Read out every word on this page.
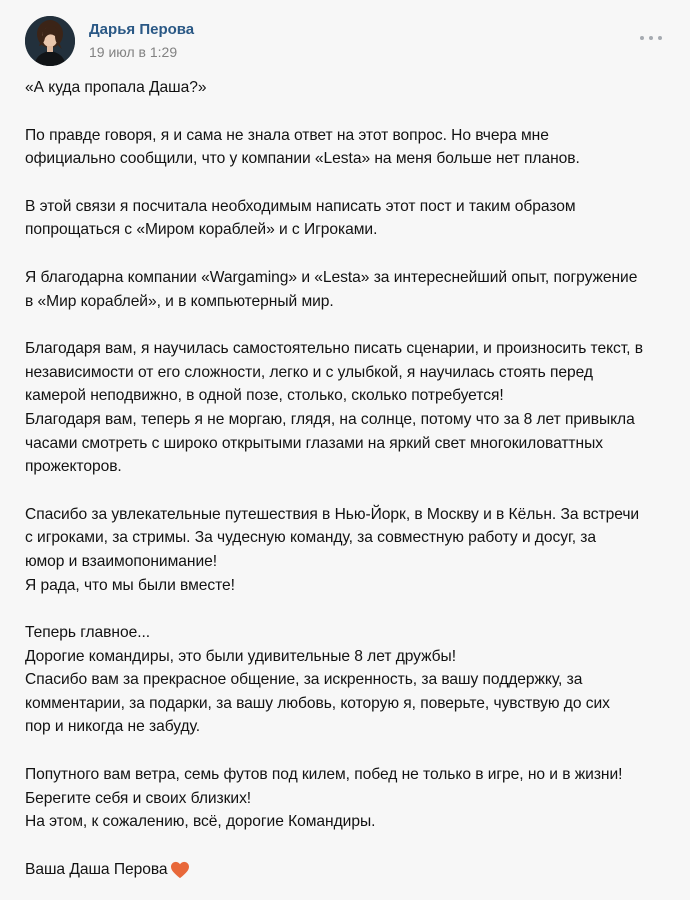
Дарья Перова
19 июл в 1:29
«А куда пропала Даша?»
По правде говоря, я и сама не знала ответ на этот вопрос. Но вчера мне
официально сообщили, что у компании «Lesta» на меня больше нет планов.
В этой связи я посчитала необходимым написать этот пост и таким образом
попрощаться с «Миром кораблей» и с Игроками.
Я благодарна компании «Wargaming» и «Lesta» за интереснейший опыт, погружение
в «Мир кораблей», и в компьютерный мир.
Благодаря вам, я научилась самостоятельно писать сценарии, и произносить текст, в
независимости от его сложности, легко и с улыбкой, я научилась стоять перед
камерой неподвижно, в одной позе, столько, сколько потребуется!
Благодаря вам, теперь я не моргаю, глядя, на солнце, потому что за 8 лет привыкла
часами смотреть с широко открытыми глазами на яркий свет многокиловаттных
прожекторов.
Спасибо за увлекательные путешествия в Нью-Йорк, в Москву и в Кёльн. За встречи
с игроками, за стримы. За чудесную команду, за совместную работу и досуг, за
юмор и взаимопонимание!
Я рада, что мы были вместе!
Теперь главное...
Дорогие командиры, это были удивительные 8 лет дружбы!
Спасибо вам за прекрасное общение, за искренность, за вашу поддержку, за
комментарии, за подарки, за вашу любовь, которую я, поверьте, чувствую до сих
пор и никогда не забуду.
Попутного вам ветра, семь футов под килем, побед не только в игре, но и в жизни!
Берегите себя и своих близких!
На этом, к сожалению, всё, дорогие Командиры.
Ваша Даша Перова
